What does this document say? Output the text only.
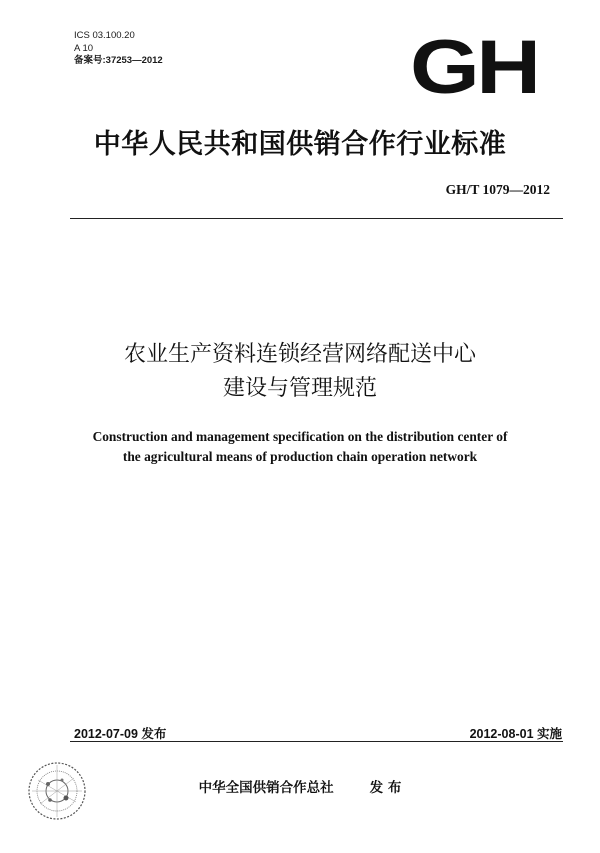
ICS 03.100.20
A 10
备案号:37253—2012	GH
中华人民共和国供销合作行业标准
GH/T 1079—2012
农业生产资料连锁经营网络配送中心
建设与管理规范
Construction and management specification on the distribution center of
the agricultural means of production chain operation network
2012-07-09 发布	2012-08-01 实施
中华全国供销合作总社	发 布
